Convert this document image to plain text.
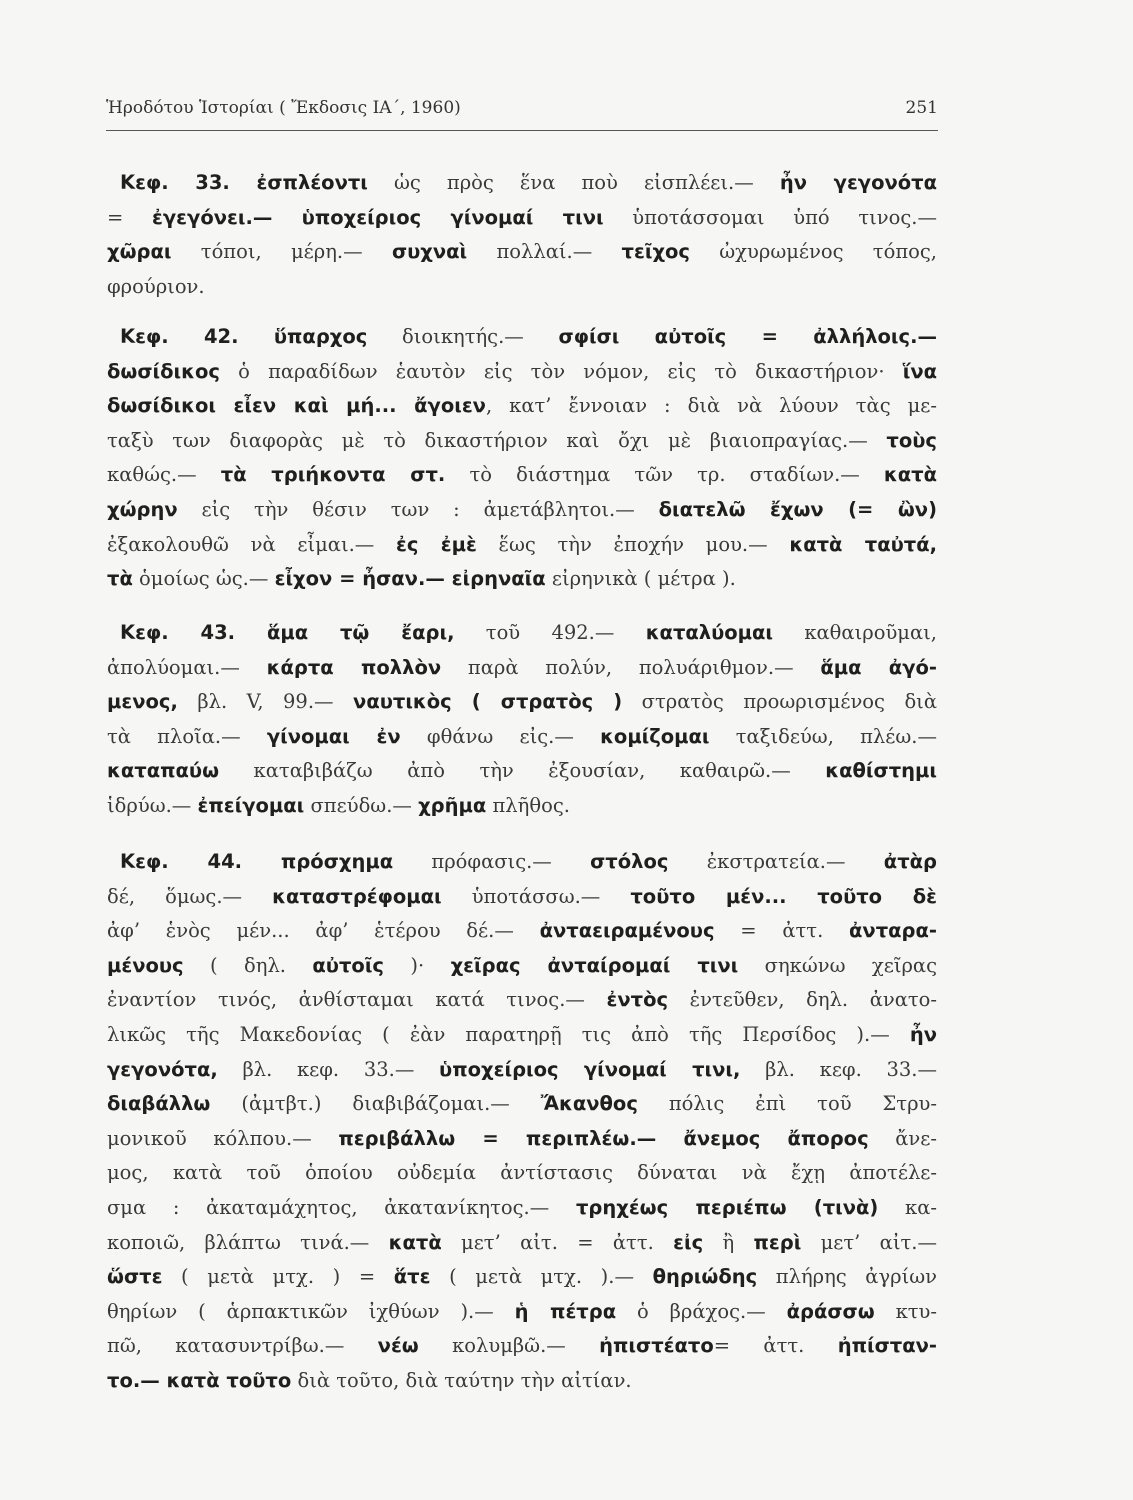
Ἡροδότου Ἱστορίαι ( Ἔκδοσις ΙΑ΄, 1960)	251
Κεφ. 33. ἐσπλέοντι ὡς πρὸς ἕνα ποὺ εἰσπλέει.— ἦν γεγονότα
= ἐγεγόνει.— ὑποχείριος γίνομαί τινι ὑποτάσσομαι ὑπό τινος.—
χῶραι τόποι, μέρη.— συχναὶ πολλαί.— τεῖχος ὠχυρωμένος τόπος,
φρούριον.
Κεφ. 42. ὕπαρχος διοικητής.— σφίσι αὐτοῖς = ἀλλήλοις.—
δωσίδικος ὁ παραδίδων ἑαυτὸν εἰς τὸν νόμον, εἰς τὸ δικαστήριον· ἵνα
δωσίδικοι εἶεν καὶ μή... ἄγοιεν, κατ’ ἔννοιαν : διὰ νὰ λύουν τὰς με-
ταξὺ των διαφορὰς μὲ τὸ δικαστήριον καὶ ὄχι μὲ βιαιοπραγίας.— τοὺς
καθώς.— τὰ τριήκοντα στ. τὸ διάστημα τῶν τρ. σταδίων.— κατὰ
χώρην εἰς τὴν θέσιν των : ἀμετάβλητοι.— διατελῶ ἔχων (= ὢν)
ἐξακολουθῶ νὰ εἶμαι.— ἐς ἐμὲ ἕως τὴν ἐποχήν μου.— κατὰ ταὐτά,
τὰ ὁμοίως ὡς.— εἶχον = ἦσαν.— εἰρηναῖα εἰρηνικὰ ( μέτρα ).
Κεφ. 43. ἅμα τῷ ἔαρι, τοῦ 492.— καταλύομαι καθαιροῦμαι,
ἀπολύομαι.— κάρτα πολλὸν παρὰ πολύν, πολυάριθμον.— ἅμα ἀγό-
μενος, βλ. V, 99.— ναυτικὸς ( στρατὸς ) στρατὸς προωρισμένος διὰ
τὰ πλοῖα.— γίνομαι ἐν φθάνω εἰς.— κομίζομαι ταξιδεύω, πλέω.—
καταπαύω καταβιβάζω ἀπὸ τὴν ἐξουσίαν, καθαιρῶ.— καθίστημι
ἱδρύω.— ἐπείγομαι σπεύδω.— χρῆμα πλῆθος.
Κεφ. 44. πρόσχημα πρόφασις.— στόλος ἐκστρατεία.— ἀτὰρ
δέ, ὅμως.— καταστρέφομαι ὑποτάσσω.— τοῦτο μέν... τοῦτο δὲ
ἀφ’ ἑνὸς μέν... ἀφ’ ἑτέρου δέ.— ἀνταειραμένους = ἀττ. ἀνταρα-
μένους ( δηλ. αὐτοῖς )· χεῖρας ἀνταίρομαί τινι σηκώνω χεῖρας
ἐναντίον τινός, ἀνθίσταμαι κατά τινος.— ἐντὸς ἐντεῦθεν, δηλ. ἀνατο-
λικῶς τῆς Μακεδονίας ( ἐὰν παρατηρῇ τις ἀπὸ τῆς Περσίδος ).— ἦν
γεγονότα, βλ. κεφ. 33.— ὑποχείριος γίνομαί τινι, βλ. κεφ. 33.—
διαβάλλω (ἀμτβτ.) διαβιβάζομαι.— Ἄκανθος πόλις ἐπὶ τοῦ Στρυ-
μονικοῦ κόλπου.— περιβάλλω = περιπλέω.— ἄνεμος ἄπορος ἄνε-
μος, κατὰ τοῦ ὁποίου οὐδεμία ἀντίστασις δύναται νὰ ἔχῃ ἀποτέλε-
σμα : ἀκαταμάχητος, ἀκατανίκητος.— τρηχέως περιέπω (τινὰ) κα-
κοποιῶ, βλάπτω τινά.— κατὰ μετ’ αἰτ. = ἀττ. εἰς ἢ περὶ μετ’ αἰτ.—
ὥστε ( μετὰ μτχ. ) = ἅτε ( μετὰ μτχ. ).— θηριώδης πλήρης ἀγρίων
θηρίων ( ἁρπακτικῶν ἰχθύων ).— ἡ πέτρα ὁ βράχος.— ἀράσσω κτυ-
πῶ, κατασυντρίβω.— νέω κολυμβῶ.— ἠπιστέατο= ἀττ. ἠπίσταν-
το.— κατὰ τοῦτο διὰ τοῦτο, διὰ ταύτην τὴν αἰτίαν.
